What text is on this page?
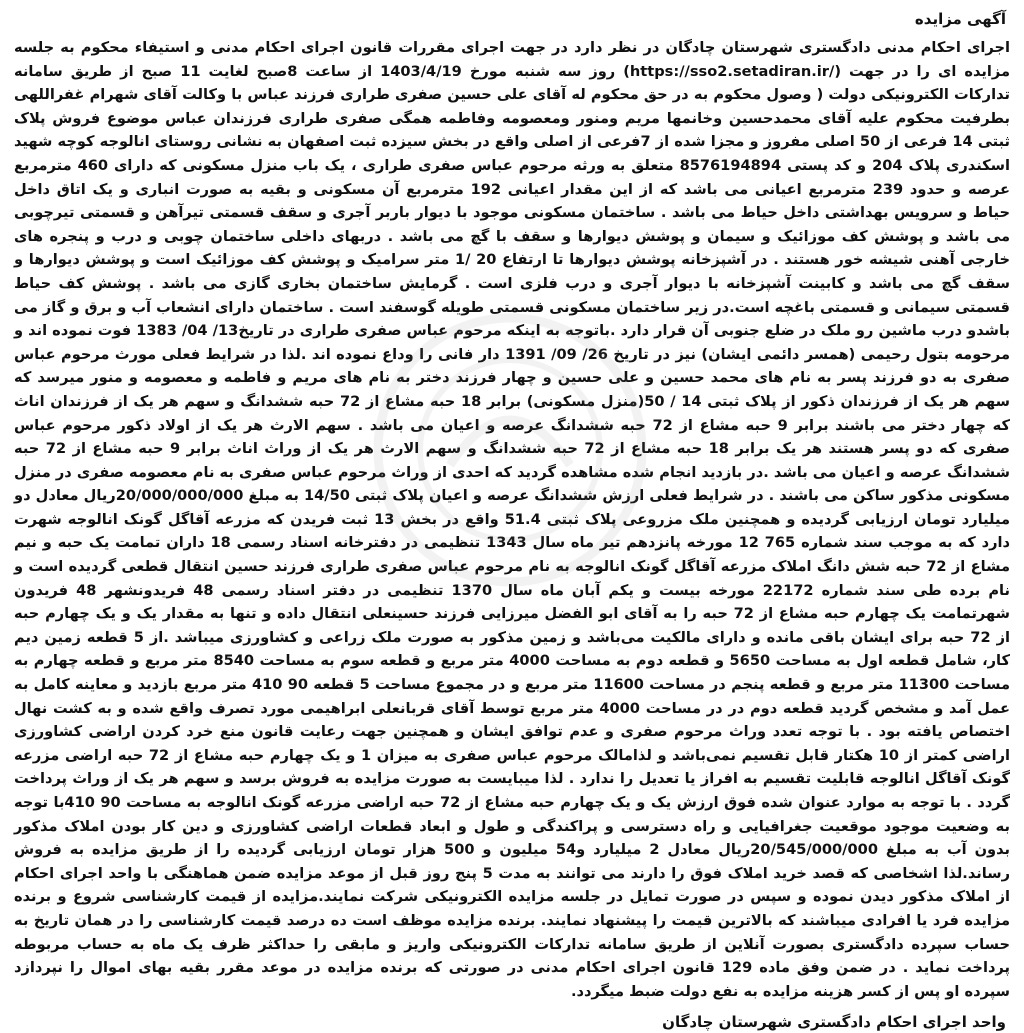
آگهی مزایده

اجرای احکام مدنی دادگستری شهرستان چادگان در نظر دارد در جهت اجرای مقررات قانون اجرای احکام مدنی و استیفاء محکوم به جلسه مزایده ای را در جهت (/https://sso2.setadiran.ir) روز سه شنبه مورخ 1403/4/19 از ساعت 8صبح لغایت 11 صبح از طریق سامانه تدارکات الکترونیکی دولت ( وصول محکوم به در حق محکوم له آقای علی حسین صفری طراری فرزند عباس با وکالت آقای شهرام غفراللهی بطرفیت محکوم علیه آقای محمدحسین وخانمها مریم ومنور ومعصومه وفاطمه همگی صفری طراری فرزندان عباس موضوع فروش پلاک ثبتی 14 فرعی از 50 اصلی مفروز و مجزا شده از 7فرعی از اصلی واقع در بخش سیزده ثبت اصفهان به نشانی روستای انالوجه کوچه شهید اسکندری پلاک 204 و کد پستی 8576194894 متعلق به ورثه مرحوم عباس صفری طراری ، یک باب منزل مسکونی که دارای 460 مترمربع عرصه و حدود 239 مترمربع اعیانی می باشد که از این مقدار اعیانی 192 مترمربع آن مسکونی و بقیه به صورت انباری و یک اتاق داخل حیاط و سرویس بهداشتی داخل حیاط می باشد . ساختمان مسکونی موجود با دیوار باربر آجری و سقف قسمتی تیرآهن و قسمتی تیرچوبی می باشد و پوشش کف موزائیک و سیمان و پوشش دیوارها و سقف با گچ می باشد . دربهای داخلی ساختمان چوبی و درب و پنجره های خارجی آهنی شیشه خور هستند . در آشپزخانه پوشش دیوارها تا ارتفاع 20 /1 متر سرامیک و پوشش کف موزائیک است و پوشش دیوارها و سقف گچ می باشد و کابینت آشپزخانه با دیوار آجری و درب فلزی است . گرمایش ساختمان بخاری گازی می باشد . پوشش کف حیاط قسمتی سیمانی و قسمتی باغچه است.در زیر ساختمان مسکونی قسمتی طویله گوسفند است . ساختمان دارای انشعاب آب و برق و گاز می باشدو درب ماشین رو ملک در ضلع جنوبی آن قرار دارد .باتوجه به اینکه مرحوم عباس صفری طراری در تاریخ13/ 04/ 1383 فوت نموده اند و مرحومه بتول رحیمی (همسر دائمی ایشان) نیز در تاریخ 26/ 09/ 1391 دار فانی را وداع نموده اند .لذا در شرایط فعلی مورث مرحوم عباس صفری به دو فرزند پسر به نام های محمد حسین و علی حسین و چهار فرزند دختر به نام های مریم و فاطمه و معصومه و منور میرسد که سهم هر یک از فرزندان ذکور از پلاک ثبتی 14 / 50(منزل مسکونی) برابر 18 حبه مشاع از 72 حبه ششدانگ و سهم هر یک از فرزندان اناث که چهار دختر می باشند برابر 9 حبه مشاع از 72 حبه ششدانگ عرصه و اعیان می باشد . سهم الارث هر یک از اولاد ذکور مرحوم عباس صفری که دو پسر هستند هر یک برابر 18 حبه مشاع از 72 حبه ششدانگ و سهم الارث هر یک از وراث اناث برابر 9 حبه مشاع از 72 حبه ششدانگ عرصه و اعیان می باشد .در بازدید انجام شده مشاهده گردید که احدی از وراث مرحوم عباس صفری به نام معصومه صفری در منزل مسکونی مذکور ساکن می باشند . در شرایط فعلی ارزش ششدانگ عرصه و اعیان پلاک ثبتی 14/50 به مبلغ 20/000/000/000ریال معادل دو میلیارد تومان ارزیابی گردیده و همچنین ملک مزروعی پلاک ثبتی 51.4 واقع در بخش 13 ثبت فریدن که مزرعه آقاگل گونک انالوجه شهرت دارد که به موجب سند شماره 765 12 مورخه پانزدهم تیر ماه سال 1343 تنظیمی در دفترخانه اسناد رسمی 18 داران تمامت یک حبه و نیم مشاع از 72 حبه شش دانگ املاک مزرعه آقاگل گونک انالوجه به نام مرحوم عباس صفری طراری فرزند حسین انتقال قطعی گردیده است و نام برده طی سند شماره 22172 مورخه بیست و یکم آبان ماه سال 1370 تنظیمی در دفتر اسناد رسمی 48 فریدونشهر 48 فریدون شهرتمامت یک چهارم حبه مشاع از 72 حبه را به آقای ابو الفضل میرزایی فرزند حسینعلی انتقال داده و تنها به مقدار یک و یک چهارم حبه از 72 حبه برای ایشان باقی مانده و دارای مالکیت می‌باشد و زمین مذکور به صورت ملک زراعی و کشاورزی میباشد .از 5 قطعه زمین دیم کار، شامل قطعه اول به مساحت 5650 و قطعه دوم به مساحت 4000 متر مربع و قطعه سوم به مساحت 8540 متر مربع و قطعه چهارم به مساحت 11300 متر مربع و قطعه پنجم در مساحت 11600 متر مربع و در مجموع مساحت 5 قطعه 90 410 متر مربع بازدید و معاینه کامل به عمل آمد و مشخص گردید قطعه دوم در در مساحت 4000 متر مربع توسط آقای قربانعلی ابراهیمی مورد تصرف واقع شده و به کشت نهال اختصاص یافته بود . با توجه تعدد وراث مرحوم صفری و عدم توافق ایشان و همچنین جهت رعایت قانون منع خرد کردن اراضی کشاورزی اراضی کمتر از 10 هکتار قابل تقسیم نمی‌باشد و لذامالک مرحوم عباس صفری به میزان 1 و یک چهارم حبه مشاع از 72 حبه اراضی مزرعه گونک آقاگل انالوجه قابلیت تقسیم به افراز یا تعدیل را ندارد . لذا میبایست به صورت مزایده به فروش برسد و سهم هر یک از وراث پرداخت گردد . با توجه به موارد عنوان شده فوق ارزش یک و یک چهارم حبه مشاع از 72 حبه اراضی مزرعه گونک انالوجه به مساحت 90 410با توجه به وضعیت موجود موقعیت جغرافیایی و راه دسترسی و پراکندگی و طول و ابعاد قطعات اراضی کشاورزی و دین کار بودن املاک مذکور بدون آب به مبلغ 20/545/000/000ریال معادل 2 میلیارد و54 میلیون و 500 هزار تومان ارزیابی گردیده را از طریق مزایده به فروش رساند.لذا اشخاصی که قصد خرید املاک فوق را دارند می توانند به مدت 5 پنج روز قبل از موعد مزایده ضمن هماهنگی با واحد اجرای احکام از املاک مذکور دیدن نموده و سپس در صورت تمایل در جلسه مزایده الکترونیکی شرکت نمایند.مزایده از قیمت کارشناسی شروع و برنده مزایده فرد یا افرادی میباشند که بالاترین قیمت را پیشنهاد نمایند. برنده مزایده موظف است ده درصد قیمت کارشناسی را در همان تاریخ به حساب سپرده دادگستری بصورت آنلاین از طریق سامانه تدارکات الکترونیکی واریز و مابقی را حداکثر ظرف یک ماه به حساب مربوطه پرداخت نماید . در ضمن وفق ماده 129 قانون اجرای احکام مدنی در صورتی که برنده مزایده در موعد مقرر بقیه بهای اموال را نپردازد سپرده او پس از کسر هزینه مزایده به نفع دولت ضبط میگردد.

واحد اجرای احکام دادگستری شهرستان چادگان
